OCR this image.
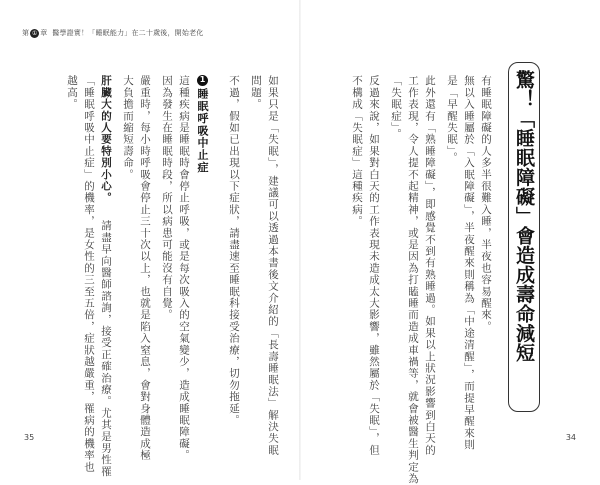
第 ① 章 醫學證實！「睡眠能力」在二十歲後，開始老化
如果只是「失眠」，建議可以透過本書後文介紹的「長壽睡眠法」解決失眠
問題。
不過，假如已出現以下症狀，請盡速至睡眠科接受治療，切勿拖延。
1睡眠呼吸中止症
這種疾病是睡眠時會停止呼吸，或是每次吸入的空氣變少，造成睡眠障礙。
因為發生在睡眠時段，所以病患可能沒有自覺。
嚴重時，每小時呼吸會停止三十次以上，也就是陷入窒息，會對身體造成極
大負擔而縮短壽命。
肝臟大的人要特別小心。
請盡早向醫師諮詢，接受正確治療。尤其是男性罹
「睡眠呼吸中止症」的機率，是女性的三至五倍，症狀越嚴重，罹病的機率也
越高。
35	34
驚！「睡眠障礙」會造成壽命減短
有睡眠障礙的人多半很難入睡，半夜也容易醒來。
無以入睡屬於「入眠障礙」，半夜醒來則稱為「中途清醒」，而提早醒來則
是「早醒失眠」。
此外還有「熟睡障礙」，即感覺不到有熟睡過。如果以上狀況影響到白天的
工作表現，令人提不起精神，或是因為打瞌睡而造成車禍等，就會被醫生判定為
「失眠症」。
反過來說，如果對白天的工作表現未造成太大影響，雖然屬於「失眠」，但
不構成「失眠症」這種疾病。
